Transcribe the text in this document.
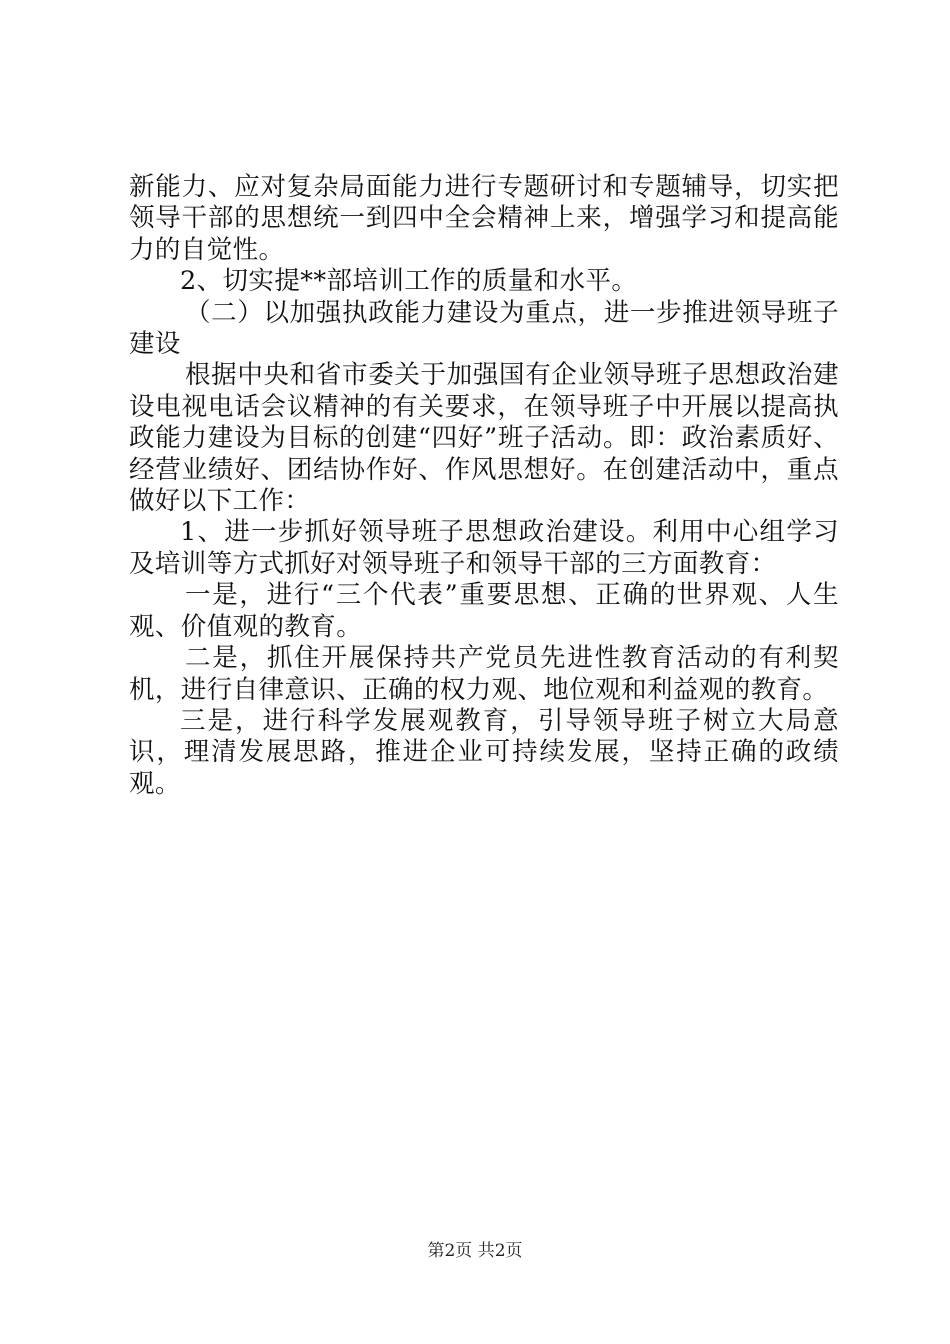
新能力、应对复杂局面能力进行专题研讨和专题辅导，切实把领导干部的思想统一到四中全会精神上来，增强学习和提高能力的自觉性。

2、切实提**部培训工作的质量和水平。

（二）以加强执政能力建设为重点，进一步推进领导班子建设

根据中央和省市委关于加强国有企业领导班子思想政治建设电视电话会议精神的有关要求，在领导班子中开展以提高执政能力建设为目标的创建“四好”班子活动。即：政治素质好、经营业绩好、团结协作好、作风思想好。在创建活动中，重点做好以下工作：

1、进一步抓好领导班子思想政治建设。利用中心组学习及培训等方式抓好对领导班子和领导干部的三方面教育：

一是，进行“三个代表”重要思想、正确的世界观、人生观、价值观的教育。

二是，抓住开展保持共产党员先进性教育活动的有利契机，进行自律意识、正确的权力观、地位观和利益观的教育。

三是，进行科学发展观教育，引导领导班子树立大局意识，理清发展思路，推进企业可持续发展，坚持正确的政绩观。

第2页 共2页
